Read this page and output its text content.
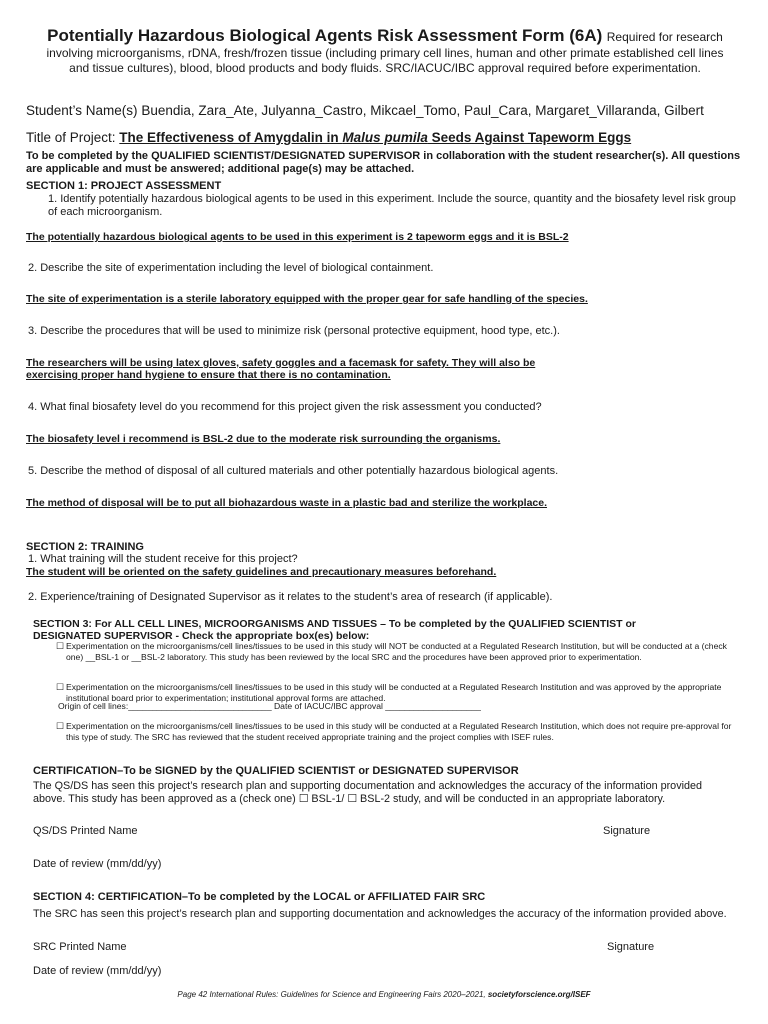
Potentially Hazardous Biological Agents Risk Assessment Form (6A) Required for research involving microorganisms, rDNA, fresh/frozen tissue (including primary cell lines, human and other primate established cell lines and tissue cultures), blood, blood products and body fluids. SRC/IACUC/IBC approval required before experimentation.
Student’s Name(s) Buendia, Zara_Ate, Julyanna_Castro, Mikcael_Tomo, Paul_Cara, Margaret_Villaranda, Gilbert
Title of Project: The Effectiveness of Amygdalin in Malus pumila Seeds Against Tapeworm Eggs

To be completed by the QUALIFIED SCIENTIST/DESIGNATED SUPERVISOR in collaboration with the student researcher(s). All questions are applicable and must be answered; additional page(s) may be attached.

SECTION 1: PROJECT ASSESSMENT

1. Identify potentially hazardous biological agents to be used in this experiment. Include the source, quantity and the biosafety level risk group of each microorganism.

The potentially hazardous biological agents to be used in this experiment is 2 tapeworm eggs and it is BSL-2
2. Describe the site of experimentation including the level of biological containment.
The site of experimentation is a sterile laboratory equipped with the proper gear for safe handling of the species.
3. Describe the procedures that will be used to minimize risk (personal protective equipment, hood type, etc.).
The researchers will be using latex gloves, safety goggles and a facemask for safety. They will also be
exercising proper hand hygiene to ensure that there is no contamination.
4. What final biosafety level do you recommend for this project given the risk assessment you conducted?
The biosafety level i recommend is BSL-2 due to the moderate risk surrounding the organisms.
5. Describe the method of disposal of all cultured materials and other potentially hazardous biological agents.
The method of disposal will be to put all biohazardous waste in a plastic bad and sterilize the workplace.
SECTION 2: TRAINING
1. What training will the student receive for this project?
The student will be oriented on the safety guidelines and precautionary measures beforehand.
2. Experience/training of Designated Supervisor as it relates to the student’s area of research (if applicable).
SECTION 3: For ALL CELL LINES, MICROORGANISMS AND TISSUES – To be completed by the QUALIFIED SCIENTIST or
DESIGNATED SUPERVISOR - Check the appropriate box(es) below:
☐ Experimentation on the microorganisms/cell lines/tissues to be used in this study will NOT be conducted at a Regulated Research Institution, but will be conducted at a (check one) __BSL-1 or __BSL-2 laboratory. This study has been reviewed by the local SRC and the procedures have been approved prior to experimentation.

☐ Experimentation on the microorganisms/cell lines/tissues to be used in this study will be conducted at a Regulated Research Institution and was approved by the appropriate institutional board prior to experimentation; institutional approval forms are attached.

Origin of cell lines:______________________________ Date of IACUC/IBC approval ____________________
☐ Experimentation on the microorganisms/cell lines/tissues to be used in this study will be conducted at a Regulated Research Institution, which does not require pre-approval for this type of study. The SRC has reviewed that the student received appropriate training and the project complies with ISEF rules.

CERTIFICATION–To be SIGNED by the QUALIFIED SCIENTIST or DESIGNATED SUPERVISOR

The QS/DS has seen this project’s research plan and supporting documentation and acknowledges the accuracy of the information provided above. This study has been approved as a (check one) ☐ BSL-1/ ☐ BSL-2 study, and will be conducted in an appropriate laboratory.

QS/DS Printed Name	Signature
Date of review (mm/dd/yy)
SECTION 4: CERTIFICATION–To be completed by the LOCAL or AFFILIATED FAIR SRC
The SRC has seen this project’s research plan and supporting documentation and acknowledges the accuracy of the information provided above.
SRC Printed Name	Signature
Date of review (mm/dd/yy)
Page 42 International Rules: Guidelines for Science and Engineering Fairs 2020–2021, societyforscience.org/ISEF
